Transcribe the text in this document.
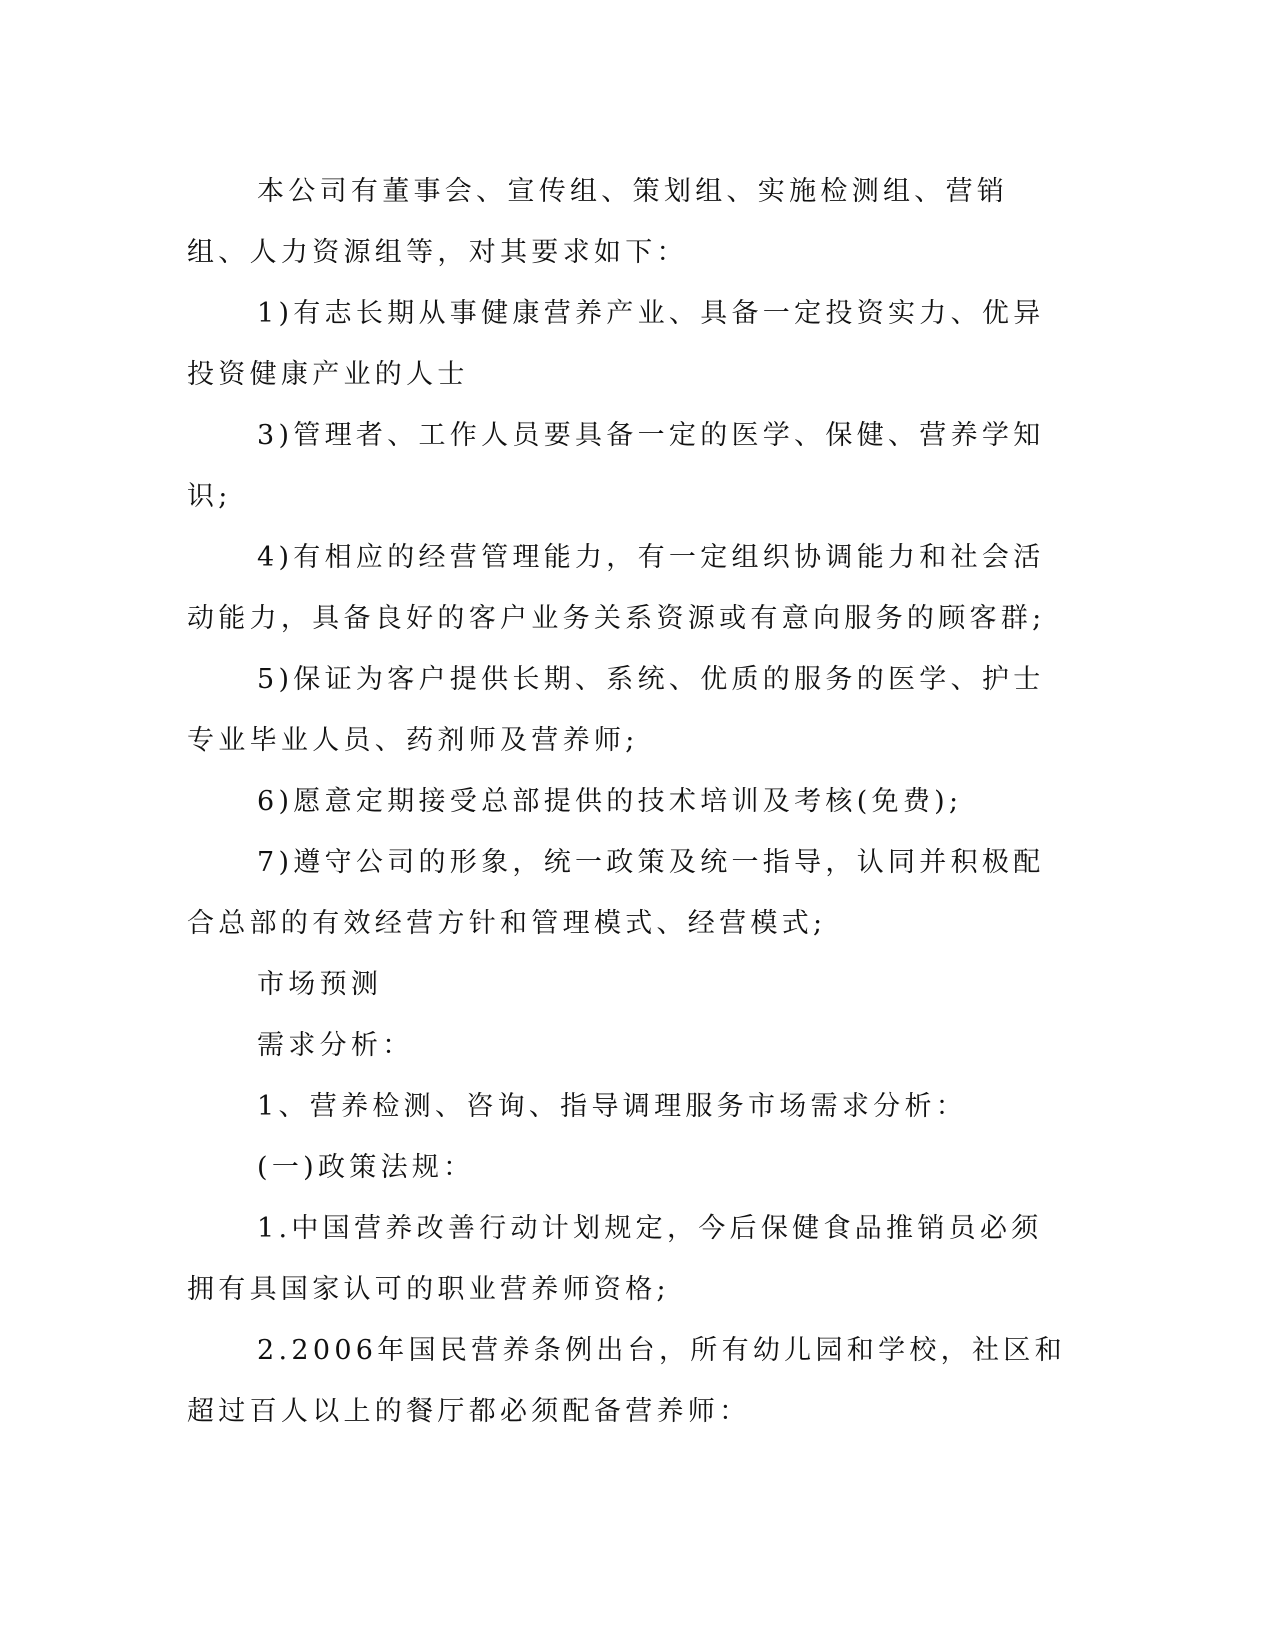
本公司有董事会、宣传组、策划组、实施检测组、营销组、人力资源组等，对其要求如下：

1)有志长期从事健康营养产业、具备一定投资实力、优异投资健康产业的人士

3)管理者、工作人员要具备一定的医学、保健、营养学知识;

4)有相应的经营管理能力，有一定组织协调能力和社会活动能力，具备良好的客户业务关系资源或有意向服务的顾客群;

5)保证为客户提供长期、系统、优质的服务的医学、护士专业毕业人员、药剂师及营养师;

6)愿意定期接受总部提供的技术培训及考核(免费);

7)遵守公司的形象，统一政策及统一指导，认同并积极配合总部的有效经营方针和管理模式、经营模式;

市场预测

需求分析：

1、营养检测、咨询、指导调理服务市场需求分析：

(一)政策法规：

1.中国营养改善行动计划规定，今后保健食品推销员必须拥有具国家认可的职业营养师资格;

2.2006年国民营养条例出台，所有幼儿园和学校，社区和超过百人以上的餐厅都必须配备营养师：
